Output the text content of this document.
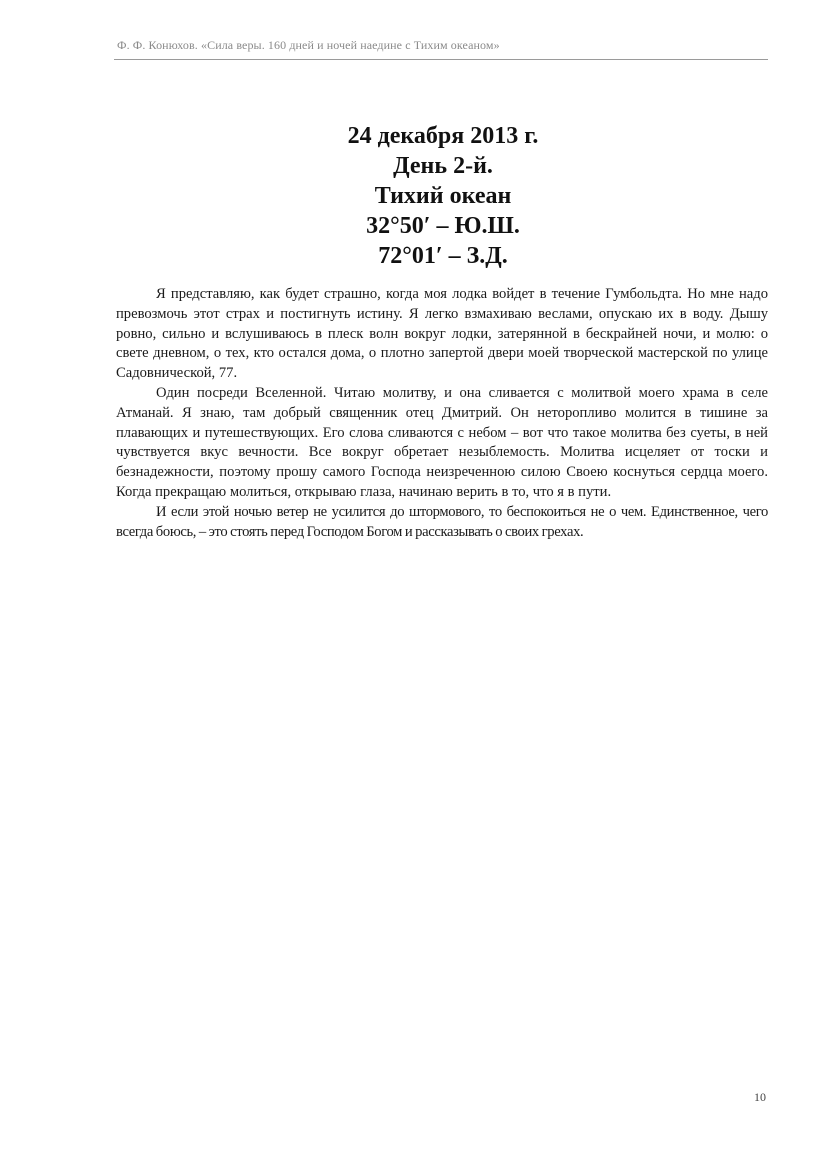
Ф. Ф. Конюхов. «Сила веры. 160 дней и ночей наедине с Тихим океаном»
24 декабря 2013 г.
День 2-й.
Тихий океан
32°50′ – Ю.Ш.
72°01′ – З.Д.

Я представляю, как будет страшно, когда моя лодка войдет в течение Гумбольдта. Но мне надо превозмочь этот страх и постигнуть истину. Я легко взмахиваю веслами, опускаю их в воду. Дышу ровно, сильно и вслушиваюсь в плеск волн вокруг лодки, затерянной в бескрайней ночи, и молю: о свете дневном, о тех, кто остался дома, о плотно запертой двери моей творческой мастерской по улице Садовнической, 77.

Один посреди Вселенной. Читаю молитву, и она сливается с молитвой моего храма в селе Атманай. Я знаю, там добрый священник отец Дмитрий. Он неторопливо молится в тишине за плавающих и путешествующих. Его слова сливаются с небом – вот что такое молитва без суеты, в ней чувствуется вкус вечности. Все вокруг обретает незыблемость. Молитва исцеляет от тоски и безнадежности, поэтому прошу самого Господа неизреченною силою Своею коснуться сердца моего. Когда прекращаю молиться, открываю глаза, начинаю верить в то, что я в пути.

И если этой ночью ветер не усилится до штормового, то беспокоиться не о чем. Единственное, чего всегда боюсь, – это стоять перед Господом Богом и рассказывать о своих грехах.

10
